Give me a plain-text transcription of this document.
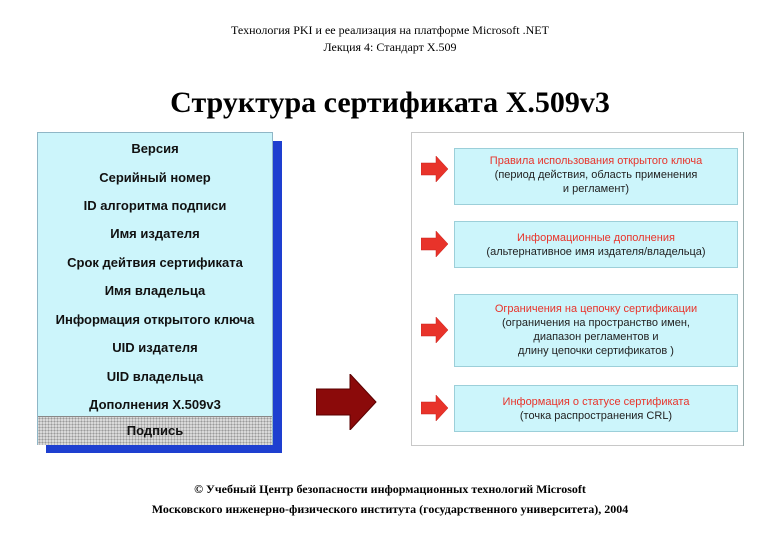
Технология PKI и ее реализация на платформе Microsoft .NET
Лекция 4: Стандарт X.509
Структура сертификата X.509v3
Версия
Серийный номер
ID алгоритма подписи
Имя издателя
Срок дейтвия сертификата
Имя владельца
Информация открытого ключа
UID издателя
UID владельца
Дополнения X.509v3
Подпись
Правила использования открытого ключа
(период действия, область применения
и регламент)
Информационные дополнения
(альтернативное имя издателя/владельца)
Ограничения на цепочку сертификации
(ограничения на пространство имен,
диапазон регламентов и
длину цепочки сертификатов )
Информация о статусе сертификата
(точка распространения CRL)
© Учебный Центр безопасности информационных технологий Microsoft
Московского инженерно-физического института (государственного университета), 2004
